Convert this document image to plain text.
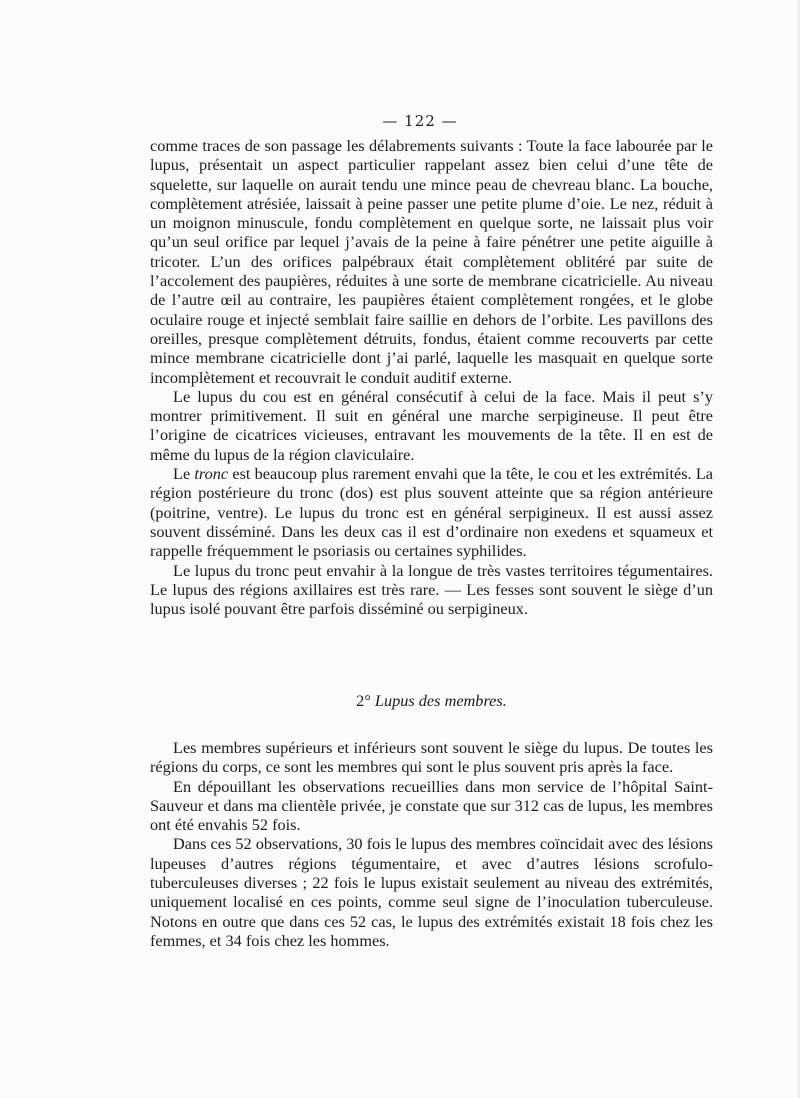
— 122 —

comme traces de son passage les délabrements suivants : Toute la face labourée par le lupus, présentait un aspect particulier rappelant assez bien celui d’une tête de squelette, sur laquelle on aurait tendu une mince peau de chevreau blanc. La bouche, complètement atrésiée, laissait à peine passer une petite plume d’oie. Le nez, réduit à un moignon minuscule, fondu complètement en quelque sorte, ne laissait plus voir qu’un seul orifice par lequel j’avais de la peine à faire pénétrer une petite aiguille à tricoter. L’un des orifices palpébraux était complètement oblitéré par suite de l’accolement des paupières, réduites à une sorte de membrane cicatricielle. Au niveau de l’autre œil au contraire, les paupières étaient complètement rongées, et le globe oculaire rouge et injecté semblait faire saillie en dehors de l’orbite. Les pavillons des oreilles, presque complètement détruits, fondus, étaient comme recouverts par cette mince membrane cicatricielle dont j’ai parlé, laquelle les masquait en quelque sorte incomplètement et recouvrait le conduit auditif externe.

Le lupus du cou est en général consécutif à celui de la face. Mais il peut s’y montrer primitivement. Il suit en général une marche serpigineuse. Il peut être l’origine de cicatrices vicieuses, entravant les mouvements de la tête. Il en est de même du lupus de la région claviculaire.

Le tronc est beaucoup plus rarement envahi que la tête, le cou et les extrémités. La région postérieure du tronc (dos) est plus souvent atteinte que sa région antérieure (poitrine, ventre). Le lupus du tronc est en général serpigineux. Il est aussi assez souvent disséminé. Dans les deux cas il est d’ordinaire non exedens et squameux et rappelle fréquemment le psoriasis ou certaines syphilides.

Le lupus du tronc peut envahir à la longue de très vastes territoires tégumentaires. Le lupus des régions axillaires est très rare. — Les fesses sont souvent le siège d’un lupus isolé pouvant être parfois disséminé ou serpigineux.

2° Lupus des membres.

Les membres supérieurs et inférieurs sont souvent le siège du lupus. De toutes les régions du corps, ce sont les membres qui sont le plus souvent pris après la face.

En dépouillant les observations recueillies dans mon service de l’hôpital Saint-Sauveur et dans ma clientèle privée, je constate que sur 312 cas de lupus, les membres ont été envahis 52 fois.

Dans ces 52 observations, 30 fois le lupus des membres coïncidait avec des lésions lupeuses d’autres régions tégumentaire, et avec d’autres lésions scrofulo-tuberculeuses diverses ; 22 fois le lupus existait seulement au niveau des extrémités, uniquement localisé en ces points, comme seul signe de l’inoculation tuberculeuse. Notons en outre que dans ces 52 cas, le lupus des extrémités existait 18 fois chez les femmes, et 34 fois chez les hommes.
